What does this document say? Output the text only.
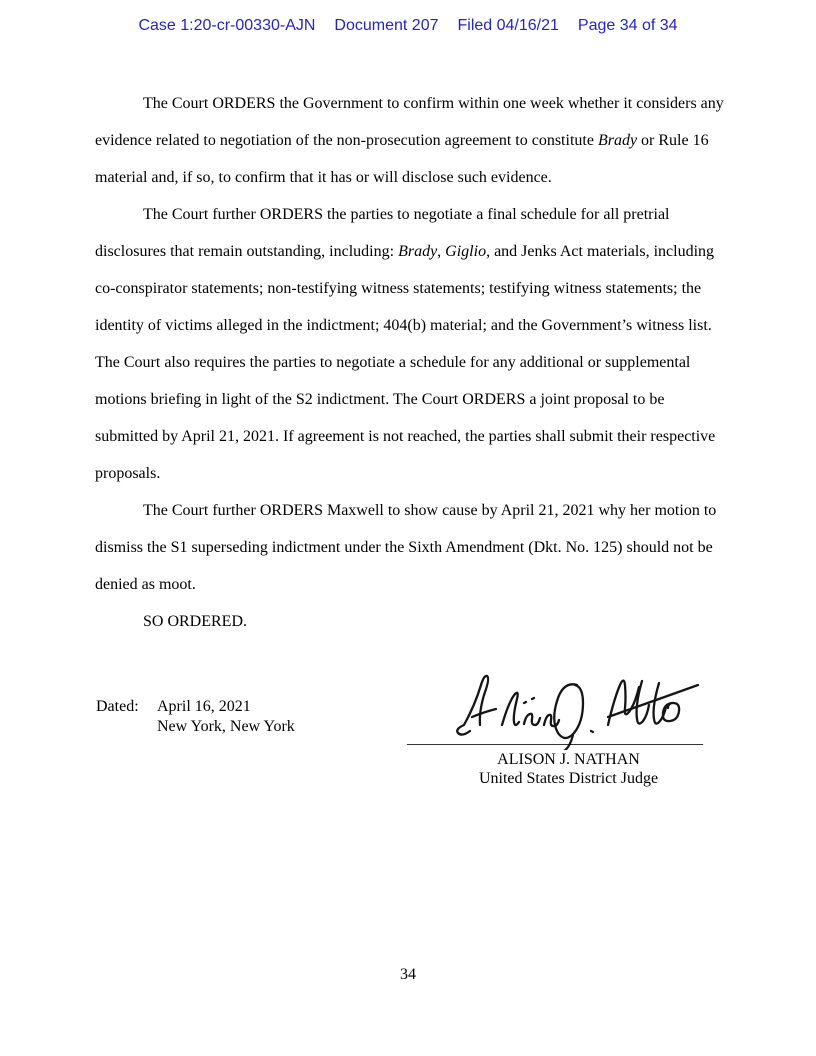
Case 1:20-cr-00330-AJN Document 207 Filed 04/16/21 Page 34 of 34

The Court ORDERS the Government to confirm within one week whether it considers any evidence related to negotiation of the non-prosecution agreement to constitute Brady or Rule 16 material and, if so, to confirm that it has or will disclose such evidence.

The Court further ORDERS the parties to negotiate a final schedule for all pretrial disclosures that remain outstanding, including: Brady, Giglio, and Jenks Act materials, including co-conspirator statements; non-testifying witness statements; testifying witness statements; the identity of victims alleged in the indictment; 404(b) material; and the Government’s witness list. The Court also requires the parties to negotiate a schedule for any additional or supplemental motions briefing in light of the S2 indictment. The Court ORDERS a joint proposal to be submitted by April 21, 2021. If agreement is not reached, the parties shall submit their respective proposals.

The Court further ORDERS Maxwell to show cause by April 21, 2021 why her motion to dismiss the S1 superseding indictment under the Sixth Amendment (Dkt. No. 125) should not be denied as moot.

SO ORDERED.

Dated:	April 16, 2021
New York, New York
_____________________________________
ALISON J. NATHAN
United States District Judge
34
